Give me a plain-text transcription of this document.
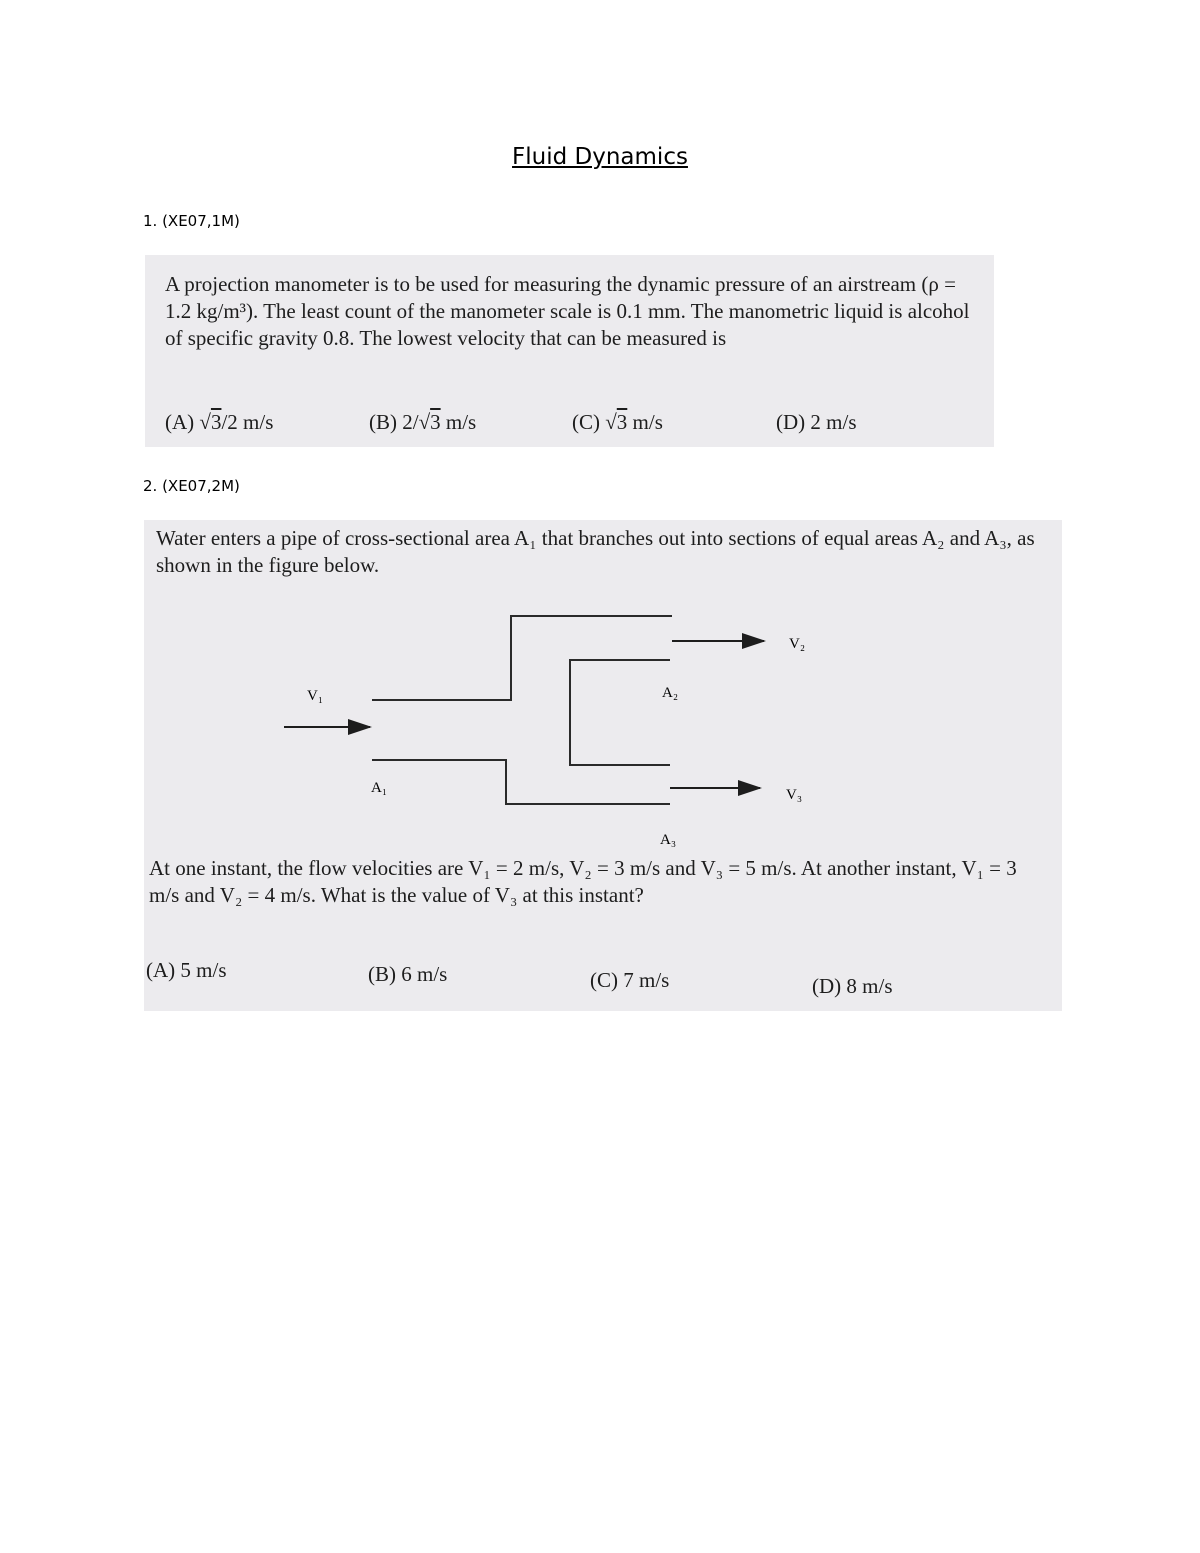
Fluid Dynamics
1. (XE07,1M)

A projection manometer is to be used for measuring the dynamic pressure of an airstream (ρ = 1.2 kg/m³). The least count of the manometer scale is 0.1 mm. The manometric liquid is alcohol of specific gravity 0.8. The lowest velocity that can be measured is

(A) √3/2 m/s	(B) 2/√3 m/s	(C) √3 m/s	(D) 2 m/s
2. (XE07,2M)

Water enters a pipe of cross-sectional area A₁ that branches out into sections of equal areas A₂ and A₃, as shown in the figure below.

V₁
V₂
V₃
A₁
A₂
A₃

At one instant, the flow velocities are V₁ = 2 m/s, V₂ = 3 m/s and V₃ = 5 m/s. At another instant, V₁ = 3 m/s and V₂ = 4 m/s. What is the value of V₃ at this instant?

(A) 5 m/s	(B) 6 m/s	(C) 7 m/s	(D) 8 m/s
